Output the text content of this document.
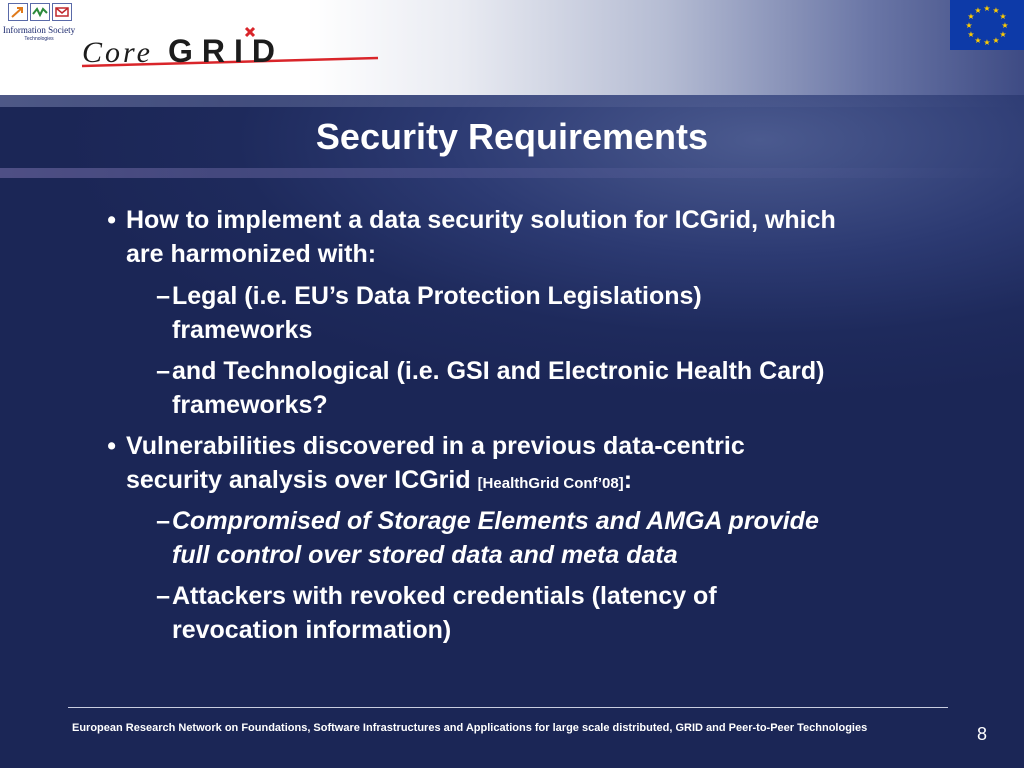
Information Society
Technologies Core GRID
★ ★
★
★
★
★
★
★
★
★
★
★
Security Requirements
• How to implement a data security solution for ICGrid, which
are harmonized with:
– Legal (i.e. EU’s Data Protection Legislations)
frameworks
– and Technological (i.e. GSI and Electronic Health Card)
frameworks?
• Vulnerabilities discovered in a previous data-centric
security analysis over ICGrid [HealthGrid Conf’08]:
– Compromised of Storage Elements and AMGA provide
full control over stored data and meta data
– Attackers with revoked credentials (latency of
revocation information)
European Research Network on Foundations, Software Infrastructures and Applications for large scale distributed, GRID and Peer-to-Peer Technologies	8
